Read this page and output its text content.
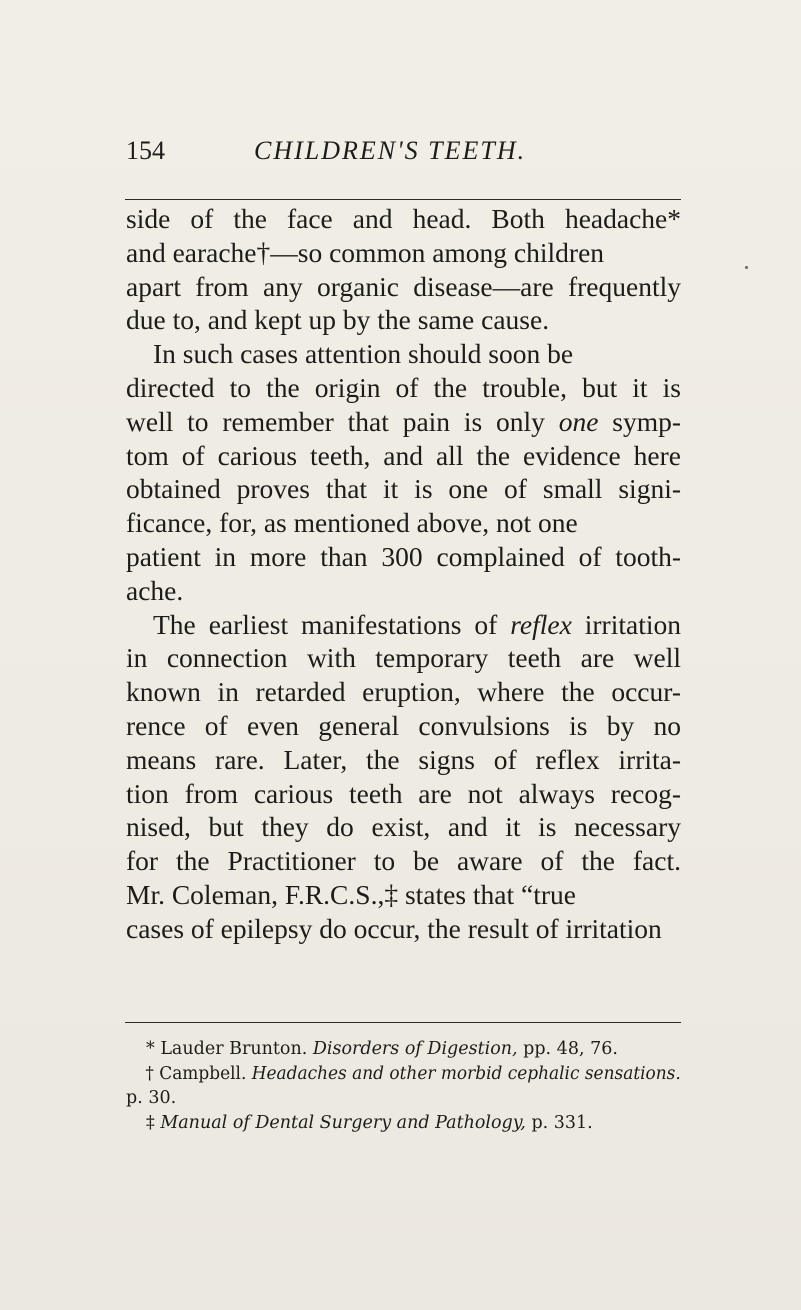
154	CHILDREN'S TEETH.
side of the face and head. Both headache*
and earache†—so common among children
apart from any organic disease—are frequently
due to, and kept up by the same cause.
In such cases attention should soon be
directed to the origin of the trouble, but it is
well to remember that pain is only one symp-
tom of carious teeth, and all the evidence here
obtained proves that it is one of small signi-
ficance, for, as mentioned above, not one
patient in more than 300 complained of tooth-
ache.
The earliest manifestations of reflex irritation
in connection with temporary teeth are well
known in retarded eruption, where the occur-
rence of even general convulsions is by no
means rare. Later, the signs of reflex irrita-
tion from carious teeth are not always recog-
nised, but they do exist, and it is necessary
for the Practitioner to be aware of the fact.
Mr. Coleman, F.R.C.S.,‡ states that “true
cases of epilepsy do occur, the result of irritation
* Lauder Brunton. Disorders of Digestion, pp. 48, 76.
† Campbell. Headaches and other morbid cephalic sensations.
p. 30.
‡ Manual of Dental Surgery and Pathology, p. 331.
